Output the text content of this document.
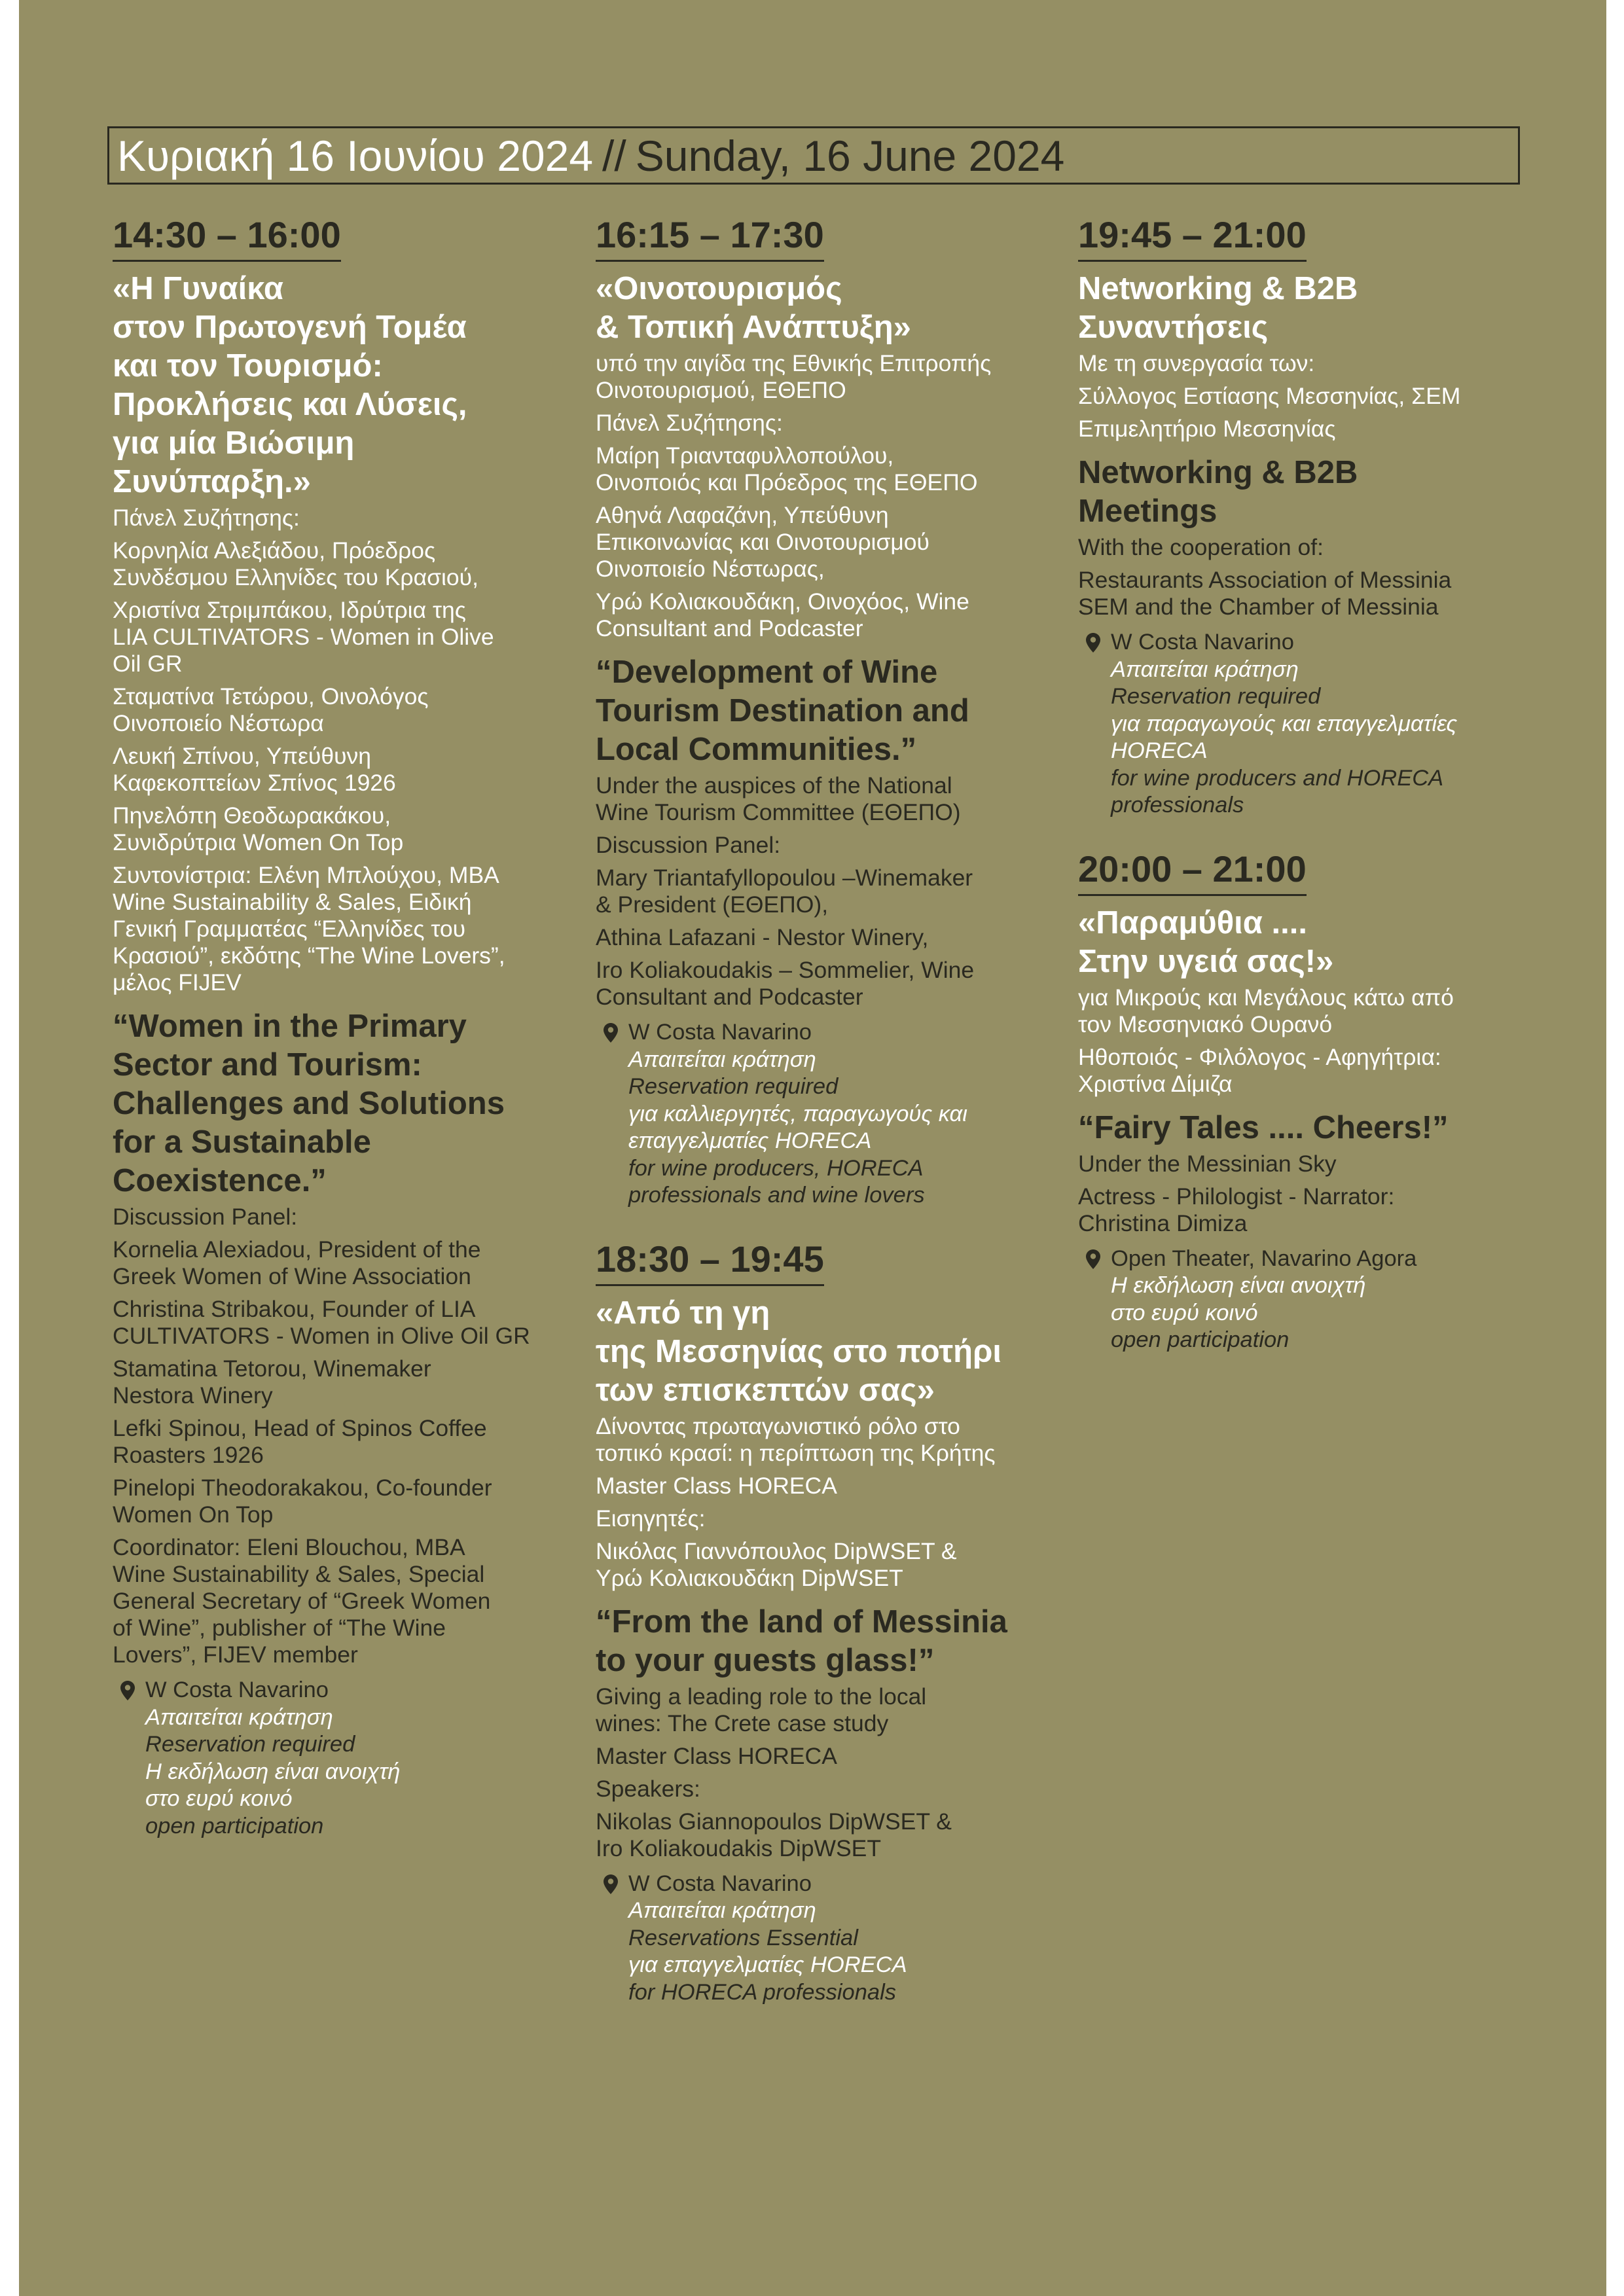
Κυριακή 16 Ιουνίου 2024 // Sunday, 16 June 2024
14:30 – 16:00
«Η Γυναίκα
στον Πρωτογενή Τομέα
και τον Τουρισμό:
Προκλήσεις και Λύσεις,
για μία Βιώσιμη
Συνύπαρξη.»
Πάνελ Συζήτησης:
Κορνηλία Αλεξιάδου, Πρόεδρος
Συνδέσμου Ελληνίδες του Κρασιού,
Χριστίνα Στριμπάκου, Ιδρύτρια της
LIA CULTIVATORS - Women in Olive
Oil GR
Σταματίνα Τετώρου, Οινολόγος
Οινοποιείο Νέστωρα
Λευκή Σπίνου, Υπεύθυνη
Καφεκοπτείων Σπίνος 1926
Πηνελόπη Θεοδωρακάκου,
Συνιδρύτρια Women On Top
Συντονίστρια: Ελένη Μπλούχου, MBA
Wine Sustainability & Sales, Ειδική
Γενική Γραμματέας “Ελληνίδες του
Κρασιού”, εκδότης “The Wine Lovers”,
μέλος FIJEV
“Women in the Primary
Sector and Tourism:
Challenges and Solutions
for a Sustainable
Coexistence.”
Discussion Panel:
Kornelia Alexiadou, President of the
Greek Women of Wine Association
Christina Stribakou, Founder of LIA
CULTIVATORS - Women in Olive Oil GR
Stamatina Tetorou, Winemaker
Nestora Winery
Lefki Spinou, Head of Spinos Coffee
Roasters 1926
Pinelopi Theodorakakou, Co-founder
Women On Top
Coordinator: Eleni Blouchou, MBA
Wine Sustainability & Sales, Special
General Secretary of “Greek Women
of Wine”, publisher of “The Wine
Lovers”, FIJEV member
W Costa Navarino
Απαιτείται κράτηση
Reservation required
Η εκδήλωση είναι ανοιχτή
στο ευρύ κοινό
open participation
16:15 – 17:30
«Οινοτουρισμός
& Τοπική Ανάπτυξη»
υπό την αιγίδα της Εθνικής Επιτροπής
Οινοτουρισμού, ΕΘΕΠΟ
Πάνελ Συζήτησης:
Μαίρη Τριανταφυλλοπούλου,
Οινοποιός και Πρόεδρος της ΕΘΕΠΟ
Αθηνά Λαφαζάνη, Υπεύθυνη
Επικοινωνίας και Οινοτουρισμού
Οινοποιείο Νέστωρας,
Υρώ Κολιακουδάκη, Οινοχόος, Wine
Consultant and Podcaster
“Development of Wine
Tourism Destination and
Local Communities.”
Under the auspices of the National
Wine Tourism Committee (ΕΘΕΠΟ)
Discussion Panel:
Mary Triantafyllopoulou –Winemaker
& President (ΕΘΕΠΟ),
Athina Lafazani - Nestor Winery,
Iro Koliakoudakis – Sommelier, Wine
Consultant and Podcaster
W Costa Navarino
Απαιτείται κράτηση
Reservation required
για καλλιεργητές, παραγωγούς και
επαγγελματίες HORECA
for wine producers, HORECA
professionals and wine lovers
18:30 – 19:45
«Από τη γη
της Μεσσηνίας στο ποτήρι
των επισκεπτών σας»
Δίνοντας πρωταγωνιστικό ρόλο στο
τοπικό κρασί: η περίπτωση της Κρήτης
Master Class HORECA
Εισηγητές:
Νικόλας Γιαννόπουλος DipWSET &
Υρώ Κολιακουδάκη DipWSET
“From the land of Messinia
to your guests glass!”
Giving a leading role to the local
wines: The Crete case study
Master Class HORECA
Speakers:
Nikolas Giannopoulos DipWSET &
Iro Koliakoudakis DipWSET
W Costa Navarino
Απαιτείται κράτηση
Reservations Essential
για επαγγελματίες HORECA
for HORECA professionals
19:45 – 21:00
Networking & B2B
Συναντήσεις
Με τη συνεργασία των:
Σύλλογος Εστίασης Μεσσηνίας, ΣΕΜ
Επιμελητήριο Μεσσηνίας
Networking & B2B
Meetings
With the cooperation of:
Restaurants Association of Messinia
SEM and the Chamber of Messinia
W Costa Navarino
Απαιτείται κράτηση
Reservation required
για παραγωγούς και επαγγελματίες
HORECA
for wine producers and HORECA
professionals
20:00 – 21:00
«Παραμύθια ....
Στην υγειά σας!»
για Μικρούς και Μεγάλους κάτω από
τον Μεσσηνιακό Ουρανό
Ηθοποιός - Φιλόλογος - Αφηγήτρια:
Χριστίνα Δίμιζα
“Fairy Tales .... Cheers!”
Under the Messinian Sky
Actress - Philologist - Narrator:
Christina Dimiza
Open Theater, Navarino Agora
Η εκδήλωση είναι ανοιχτή
στο ευρύ κοινό
open participation
